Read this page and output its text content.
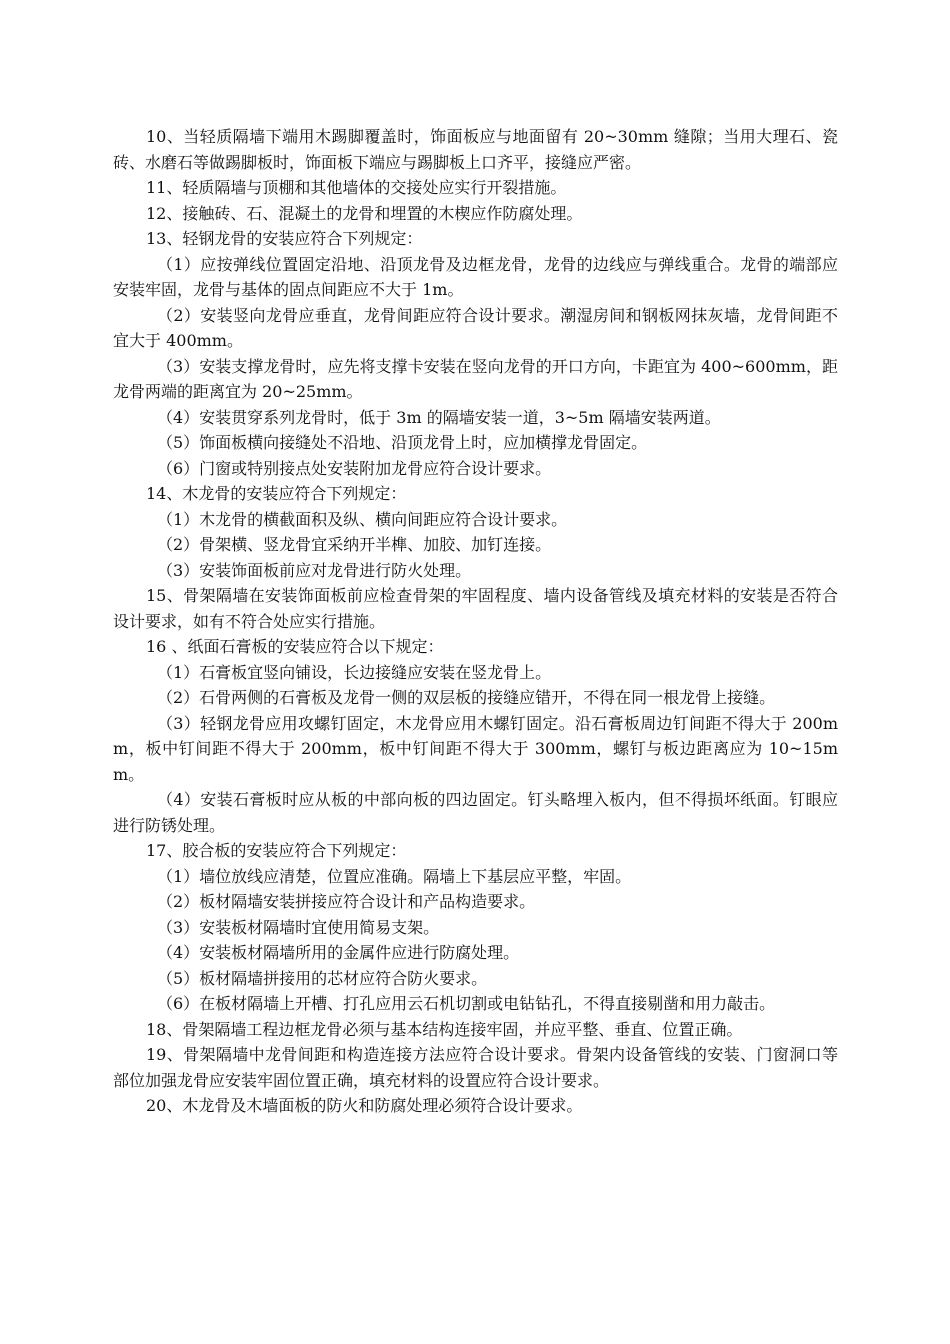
10、当轻质隔墙下端用木踢脚覆盖时，饰面板应与地面留有 20~30mm 缝隙；当用大理石、瓷砖、水磨石等做踢脚板时，饰面板下端应与踢脚板上口齐平，接缝应严密。

11、轻质隔墙与顶棚和其他墙体的交接处应实行开裂措施。

12、接触砖、石、混凝土的龙骨和埋置的木楔应作防腐处理。

13、轻钢龙骨的安装应符合下列规定：

（1）应按弹线位置固定沿地、沿顶龙骨及边框龙骨，龙骨的边线应与弹线重合。龙骨的端部应安装牢固，龙骨与基体的固点间距应不大于 1m。

（2）安装竖向龙骨应垂直，龙骨间距应符合设计要求。潮湿房间和钢板网抹灰墙，龙骨间距不宜大于 400mm。

（3）安装支撑龙骨时，应先将支撑卡安装在竖向龙骨的开口方向，卡距宜为 400~600mm，距龙骨两端的距离宜为 20~25mm。

（4）安装贯穿系列龙骨时，低于 3m 的隔墙安装一道，3~5m 隔墙安装两道。

（5）饰面板横向接缝处不沿地、沿顶龙骨上时，应加横撑龙骨固定。

（6）门窗或特别接点处安装附加龙骨应符合设计要求。

14、木龙骨的安装应符合下列规定：

（1）木龙骨的横截面积及纵、横向间距应符合设计要求。

（2）骨架横、竖龙骨宜采纳开半榫、加胶、加钉连接。

（3）安装饰面板前应对龙骨进行防火处理。

15、骨架隔墙在安装饰面板前应检查骨架的牢固程度、墙内设备管线及填充材料的安装是否符合设计要求，如有不符合处应实行措施。

16 、纸面石膏板的安装应符合以下规定：

（1）石膏板宜竖向铺设，长边接缝应安装在竖龙骨上。

（2）石骨两侧的石膏板及龙骨一侧的双层板的接缝应错开，不得在同一根龙骨上接缝。

（3）轻钢龙骨应用攻螺钉固定，木龙骨应用木螺钉固定。沿石膏板周边钉间距不得大于 200mm，板中钉间距不得大于 200mm，板中钉间距不得大于 300mm，螺钉与板边距离应为 10~15mm。

（4）安装石膏板时应从板的中部向板的四边固定。钉头略埋入板内，但不得损坏纸面。钉眼应进行防锈处理。

17、胶合板的安装应符合下列规定：

（1）墙位放线应清楚，位置应准确。隔墙上下基层应平整，牢固。

（2）板材隔墙安装拼接应符合设计和产品构造要求。

（3）安装板材隔墙时宜使用简易支架。

（4）安装板材隔墙所用的金属件应进行防腐处理。

（5）板材隔墙拼接用的芯材应符合防火要求。

（6）在板材隔墙上开槽、打孔应用云石机切割或电钻钻孔，不得直接剔凿和用力敲击。

18、骨架隔墙工程边框龙骨必须与基本结构连接牢固，并应平整、垂直、位置正确。

19、骨架隔墙中龙骨间距和构造连接方法应符合设计要求。骨架内设备管线的安装、门窗洞口等部位加强龙骨应安装牢固位置正确，填充材料的设置应符合设计要求。

20、木龙骨及木墙面板的防火和防腐处理必须符合设计要求。
